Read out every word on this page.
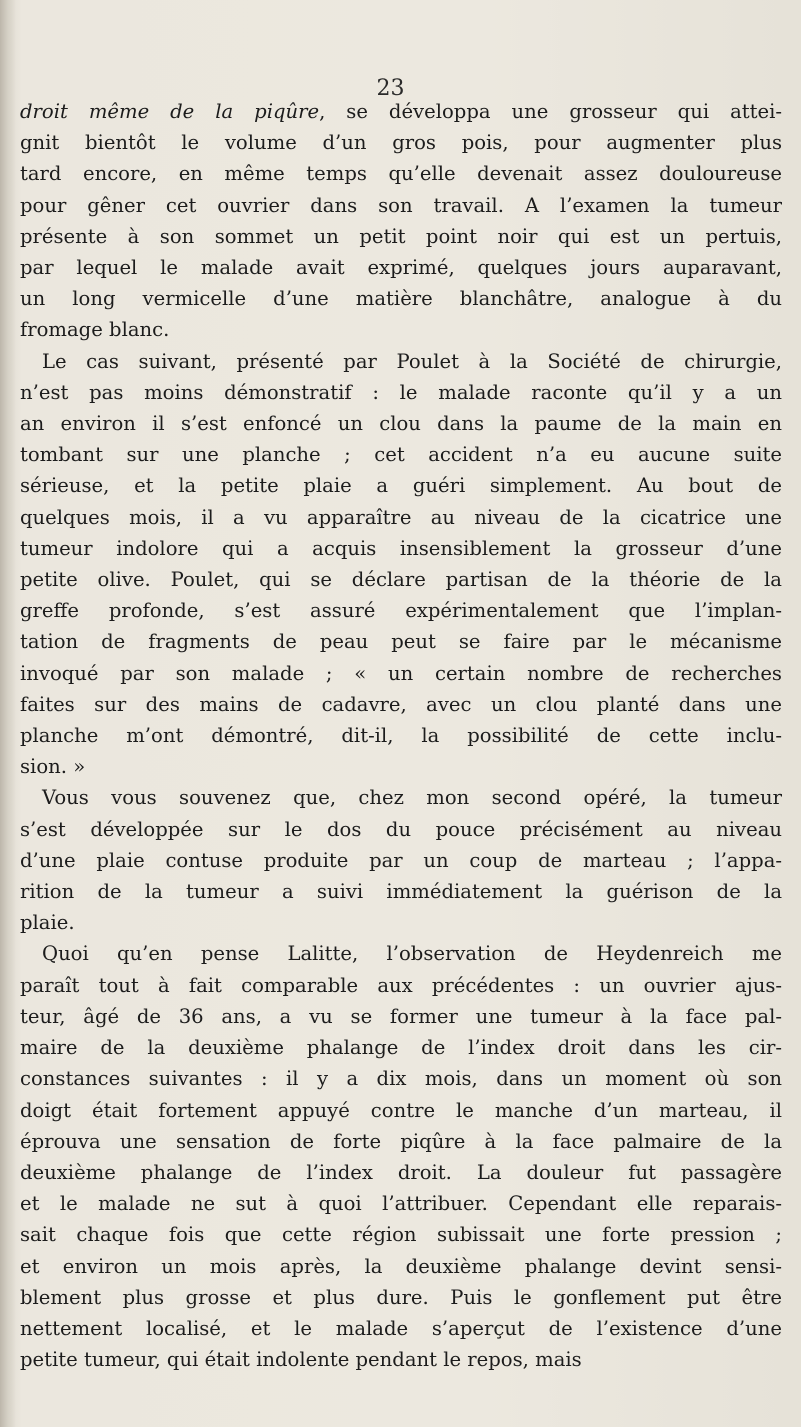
23

droit même de la piqûre, se développa une grosseur qui attei-
gnit bientôt le volume d’un gros pois, pour augmenter plus
tard encore, en même temps qu’elle devenait assez douloureuse
pour gêner cet ouvrier dans son travail. A l’examen la tumeur
présente à son sommet un petit point noir qui est un pertuis,
par lequel le malade avait exprimé, quelques jours auparavant,
un long vermicelle d’une matière blanchâtre, analogue à du
fromage blanc.

Le cas suivant, présenté par Poulet à la Société de chirurgie,
n’est pas moins démonstratif : le malade raconte qu’il y a un
an environ il s’est enfoncé un clou dans la paume de la main en
tombant sur une planche ; cet accident n’a eu aucune suite
sérieuse, et la petite plaie a guéri simplement. Au bout de
quelques mois, il a vu apparaître au niveau de la cicatrice une
tumeur indolore qui a acquis insensiblement la grosseur d’une
petite olive. Poulet, qui se déclare partisan de la théorie de la
greffe profonde, s’est assuré expérimentalement que l’implan-
tation de fragments de peau peut se faire par le mécanisme
invoqué par son malade ; « un certain nombre de recherches
faites sur des mains de cadavre, avec un clou planté dans une
planche m’ont démontré, dit-il, la possibilité de cette inclu-
sion. »

Vous vous souvenez que, chez mon second opéré, la tumeur
s’est développée sur le dos du pouce précisément au niveau
d’une plaie contuse produite par un coup de marteau ; l’appa-
rition de la tumeur a suivi immédiatement la guérison de la
plaie.

Quoi qu’en pense Lalitte, l’observation de Heydenreich me
paraît tout à fait comparable aux précédentes : un ouvrier ajus-
teur, âgé de 36 ans, a vu se former une tumeur à la face pal-
maire de la deuxième phalange de l’index droit dans les cir-
constances suivantes : il y a dix mois, dans un moment où son
doigt était fortement appuyé contre le manche d’un marteau, il
éprouva une sensation de forte piqûre à la face palmaire de la
deuxième phalange de l’index droit. La douleur fut passagère
et le malade ne sut à quoi l’attribuer. Cependant elle reparais-
sait chaque fois que cette région subissait une forte pression ;
et environ un mois après, la deuxième phalange devint sensi-
blement plus grosse et plus dure. Puis le gonflement put être
nettement localisé, et le malade s’aperçut de l’existence d’une
petite tumeur, qui était indolente pendant le repos, mais
